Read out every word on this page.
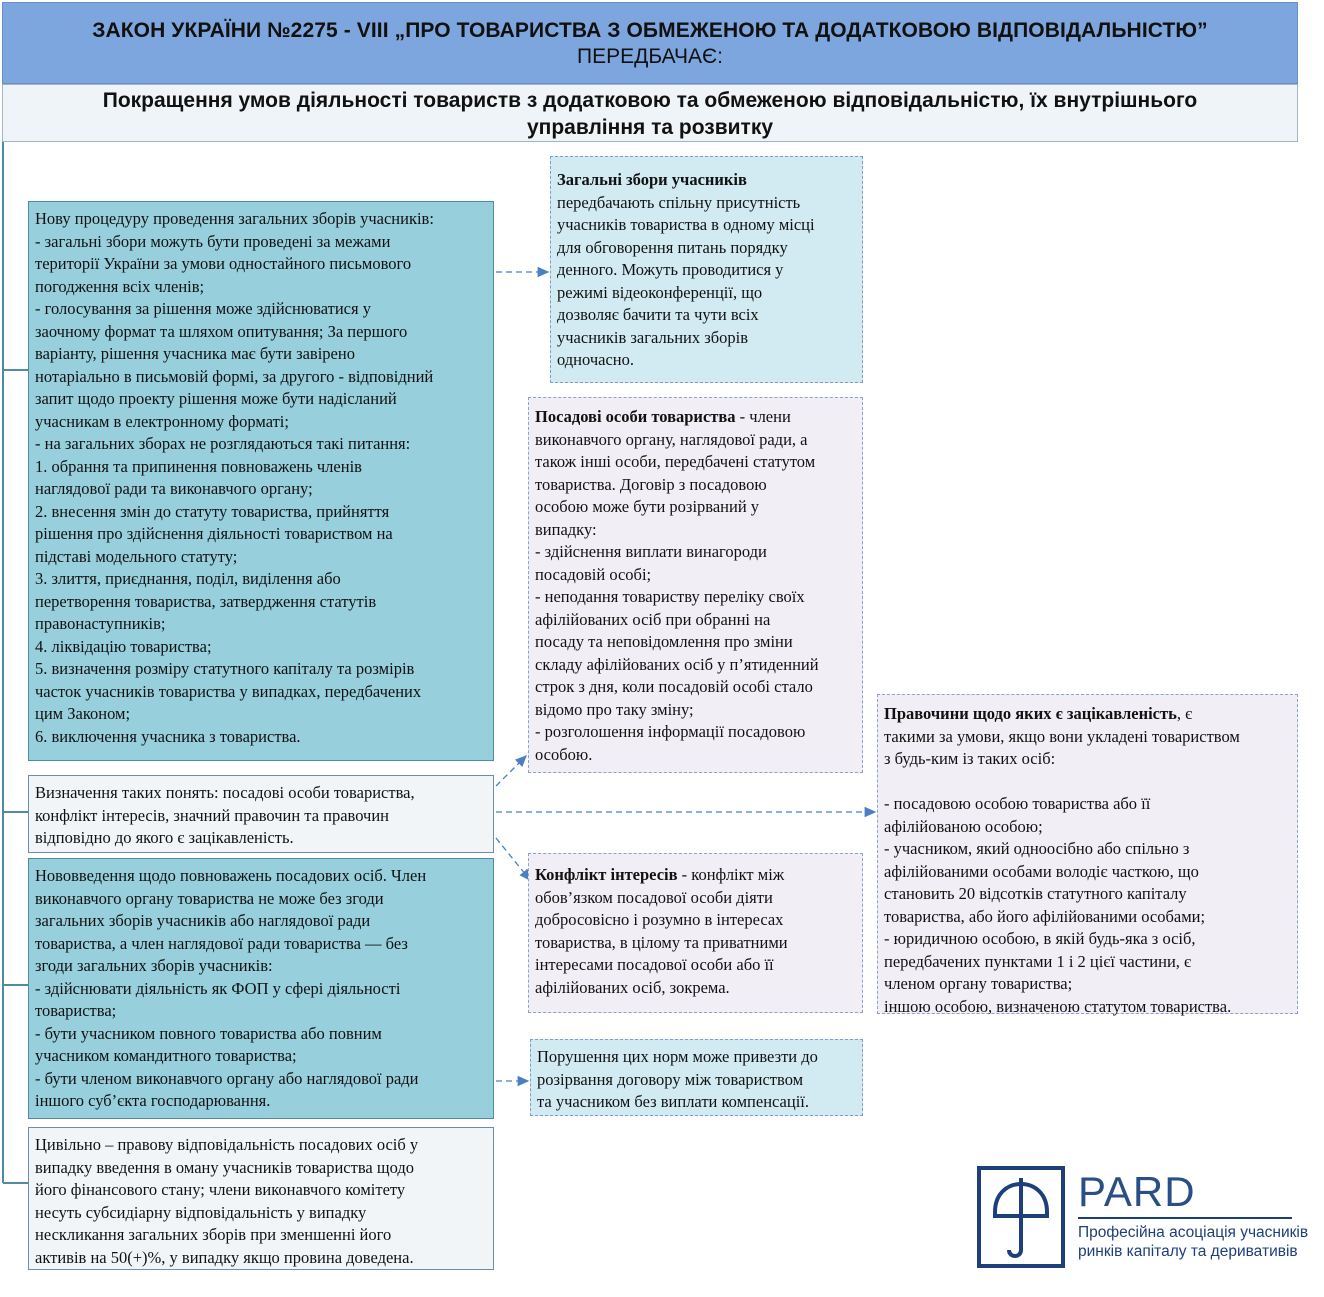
ЗАКОН УКРАЇНИ №2275 - VIII „ПРО ТОВАРИСТВА З ОБМЕЖЕНОЮ ТА ДОДАТКОВОЮ ВІДПОВІДАЛЬНІСТЮ”
ПЕРЕДБАЧАЄ:
Покращення умов діяльності товариств з додатковою та обмеженою відповідальністю, їх внутрішнього
управління та розвитку
Нову процедуру проведення загальних зборів учасників:
- загальні збори можуть бути проведені за межами
території України за умови одностайного письмового
погодження всіх членів;
- голосування за рішення може здійснюватися у
заочному формат та шляхом опитування; За першого
варіанту, рішення учасника має бути завірено
нотаріально в письмовій формі, за другого - відповідний
запит щодо проекту рішення може бути надісланий
учасникам в електронному форматі;
- на загальних зборах не розглядаються такі питання:
1. обрання та припинення повноважень членів
наглядової ради та виконавчого органу;
2. внесення змін до статуту товариства, прийняття
рішення про здійснення діяльності товариством на
підставі модельного статуту;
3. злиття, приєднання, поділ, виділення або
перетворення товариства, затвердження статутів
правонаступників;
4. ліквідацію товариства;
5. визначення розміру статутного капіталу та розмірів
часток учасників товариства у випадках, передбачених
цим Законом;
6. виключення учасника з товариства.
Визначення таких понять: посадові особи товариства,
конфлікт інтересів, значний правочин та правочин
відповідно до якого є зацікавленість.
Нововведення щодо повноважень посадових осіб. Член
виконавчого органу товариства не може без згоди
загальних зборів учасників або наглядової ради
товариства, а член наглядової ради товариства — без
згоди загальних зборів учасників:
- здійснювати діяльність як ФОП у сфері діяльності
товариства;
- бути учасником повного товариства або повним
учасником командитного товариства;
- бути членом виконавчого органу або наглядової ради
іншого суб’єкта господарювання.
Цивільно – правову відповідальність посадових осіб у
випадку введення в оману учасників товариства щодо
його фінансового стану; члени виконавчого комітету
несуть субсидіарну відповідальність у випадку
нескликання загальних зборів при зменшенні його
активів на 50(+)%, у випадку якщо провина доведена.
Загальні збори учасників
передбачають спільну присутність
учасників товариства в одному місці
для обговорення питань порядку
денного. Можуть проводитися у
режимі відеоконференції, що
дозволяє бачити та чути всіх
учасників загальних зборів
одночасно.
Посадові особи товариства - члени
виконавчого органу, наглядової ради, а
також інші особи, передбачені статутом
товариства. Договір з посадовою
особою може бути розірваний у
випадку:
- здійснення виплати винагороди
посадовій особі;
- неподання товариству переліку своїх
афілійованих осіб при обранні на
посаду та неповідомлення про зміни
складу афілійованих осіб у п’ятиденний
строк з дня, коли посадовій особі стало
відомо про таку зміну;
- розголошення інформації посадовою
особою.
Конфлікт інтересів - конфлікт між
обов’язком посадової особи діяти
добросовісно і розумно в інтересах
товариства, в цілому та приватними
інтересами посадової особи або її
афілійованих осіб, зокрема.
Порушення цих норм може привезти до
розірвання договору між товариством
та учасником без виплати компенсації.
Правочини щодо яких є зацікавленість, є
такими за умови, якщо вони укладені товариством
з будь-ким із таких осіб:

- посадовою особою товариства або її
афілійованою особою;
- учасником, який одноосібно або спільно з
афілійованими особами володіє часткою, що
становить 20 відсотків статутного капіталу
товариства, або його афілійованими особами;
- юридичною особою, в якій будь-яка з осіб,
передбачених пунктами 1 і 2 цієї частини, є
членом органу товариства;
іншою особою, визначеною статутом товариства.
PARD
Професійна асоціація учасників
ринків капіталу та деривативів
